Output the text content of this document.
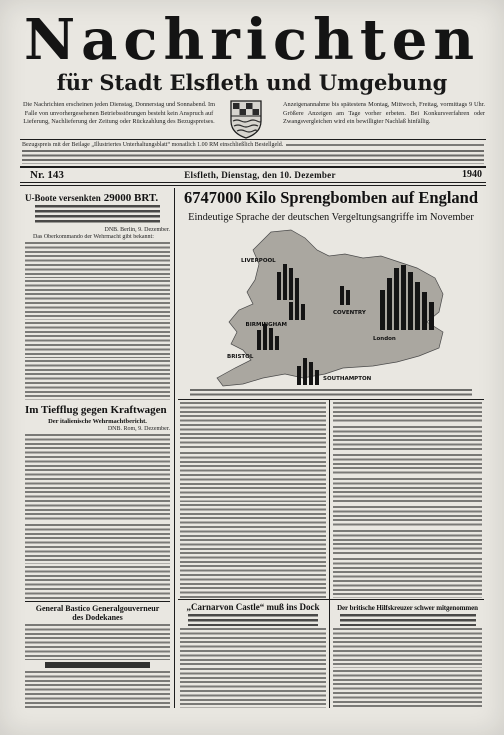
Nachrichten
für Stadt Elsfleth und Umgebung
Die Nachrichten erscheinen jeden Dienstag, Donnerstag und Sonnabend. Im Falle von unvorhergesehenen Betriebsstörungen besteht kein Anspruch auf Lieferung, Nachlieferung der Zeitung oder Rückzahlung des Bezugspreises.
Anzeigenannahme bis spätestens Montag, Mittwoch, Freitag, vormittags 9 Uhr. Größere Anzeigen am Tage vorher erbeten. Bei Konkursverfahren oder Zwangsvergleichen wird ein bewilligter Nachlaß hinfällig.
Bezugspreis mit der Beilage „Illustriertes Unterhaltungsblatt“ monatlich 1.00 RM einschließlich Bestellgeld.
Nr. 143	Elsfleth, Dienstag, den 10. Dezember	1940
U-Boote versenkten 29000 BRT.
DNB. Berlin, 9. Dezember.
Das Oberkommando der Wehrmacht gibt bekannt:
Im Tiefflug gegen Kraftwagen
Der italienische Wehrmachtbericht.
DNB. Rom, 9. Dezember.
General Bastico Generalgouverneur
des Dodekanes
6747000 Kilo Sprengbomben auf England
Eindeutige Sprache der deutschen Vergeltungsangriffe im November
LIVERPOOL
BIRMINGHAM
COVENTRY
BRISTOL
London
SOUTHAMPTON
„Carnarvon Castle“ muß ins Dock	Der britische Hilfskreuzer schwer mitgenommen
